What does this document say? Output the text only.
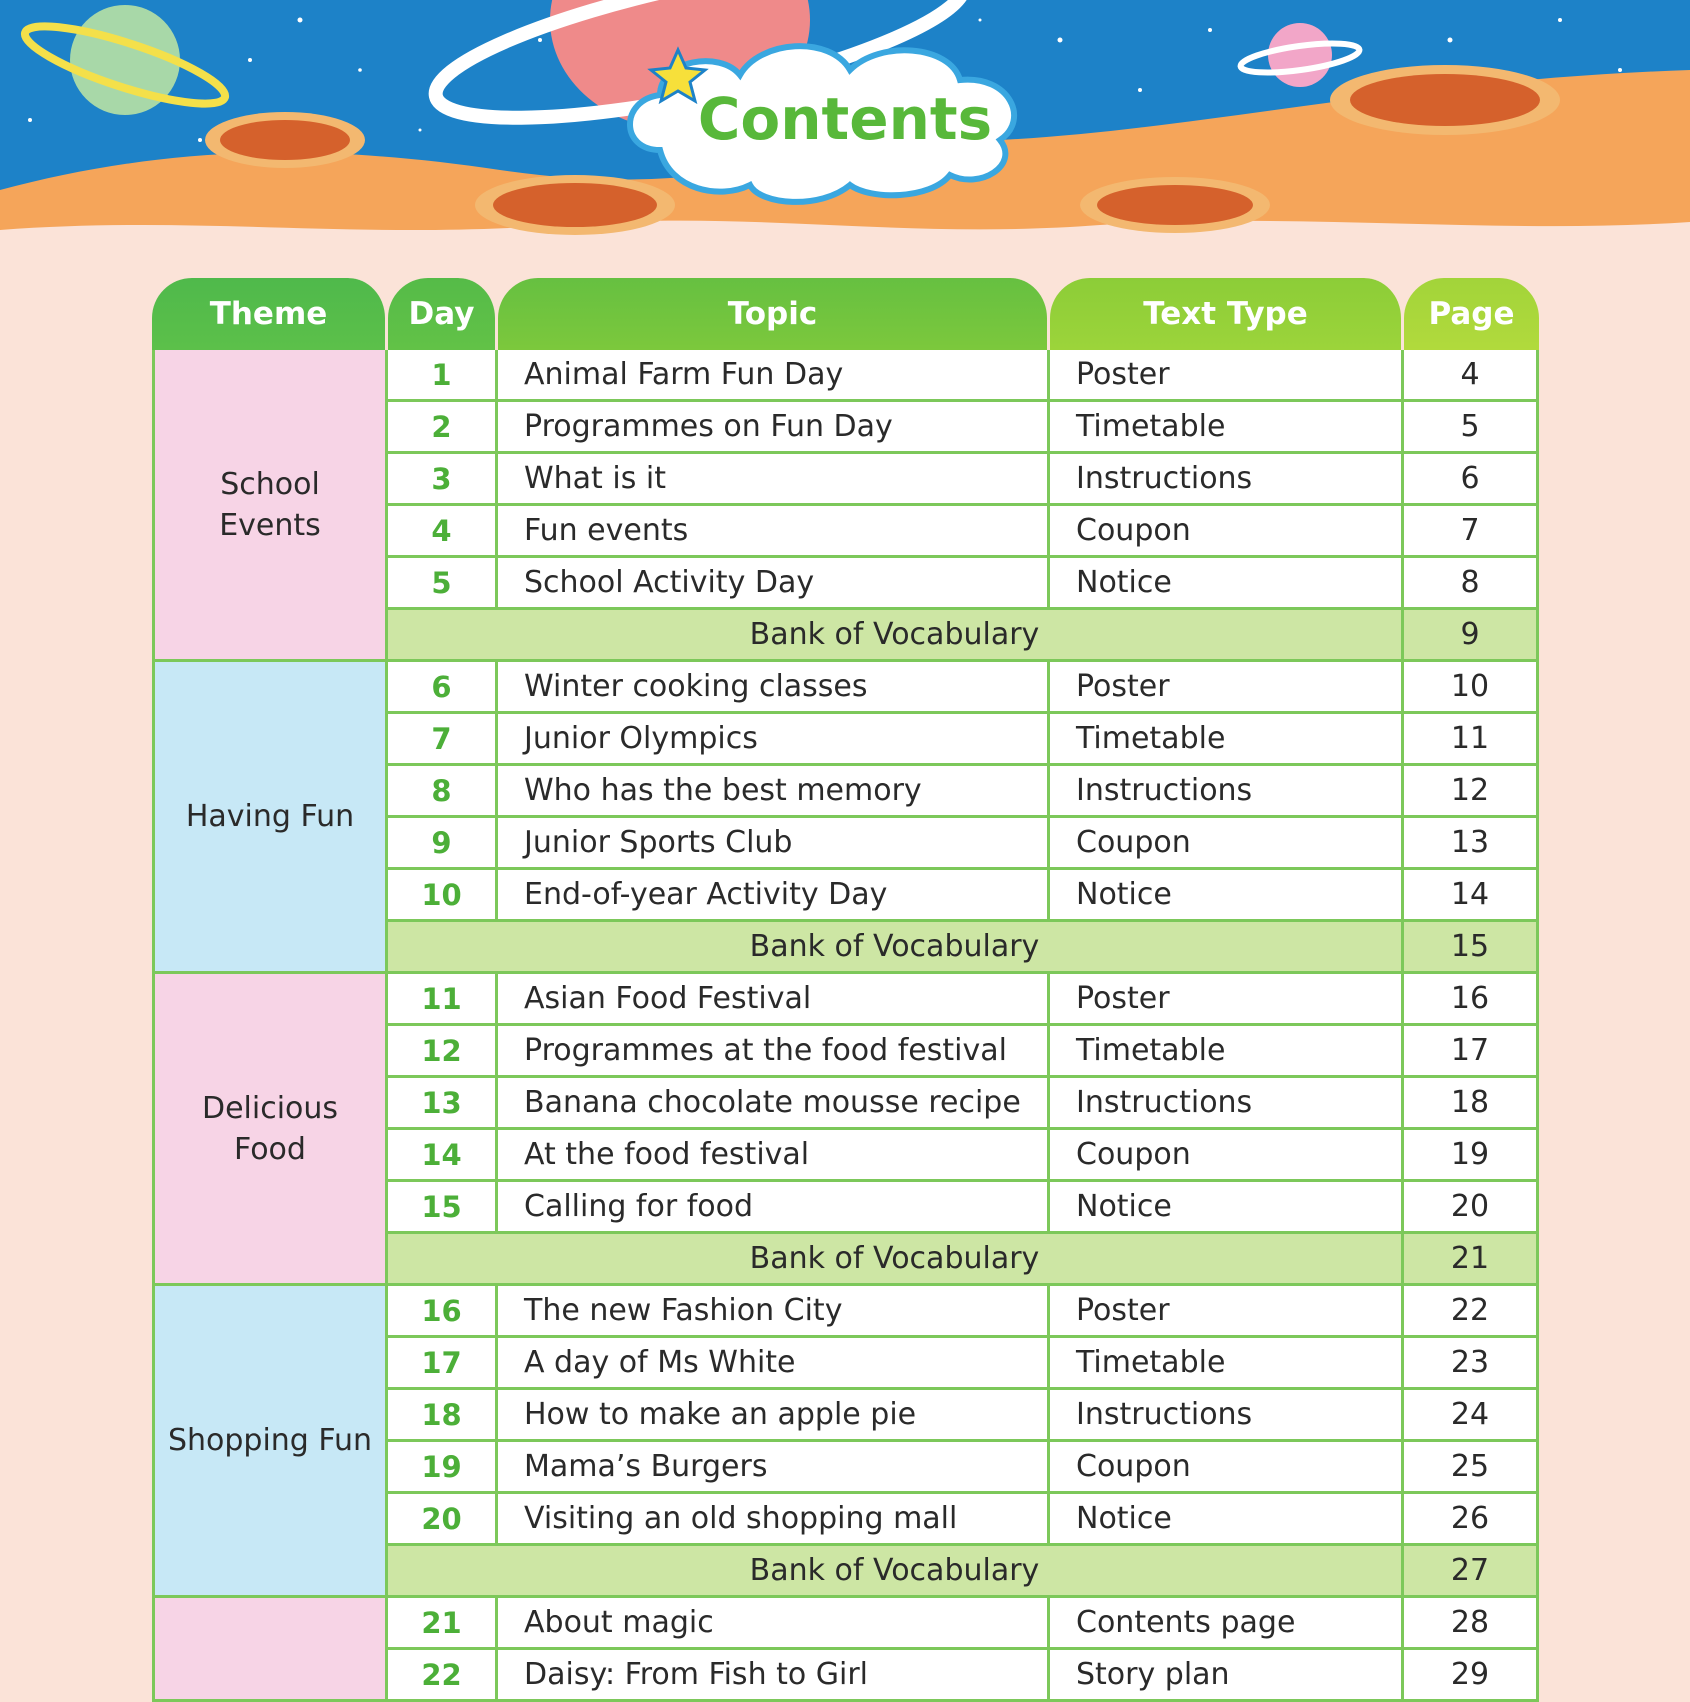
Contents
Theme	Day	Topic	Text Type	Page
School Events	1	Animal Farm Fun Day	Poster	4
	2	Programmes on Fun Day	Timetable	5
	3	What is it	Instructions	6
	4	Fun events	Coupon	7
	5	School Activity Day	Notice	8
	Bank of Vocabulary			9
Having Fun	6	Winter cooking classes	Poster	10
	7	Junior Olympics	Timetable	11
	8	Who has the best memory	Instructions	12
	9	Junior Sports Club	Coupon	13
	10	End-of-year Activity Day	Notice	14
	Bank of Vocabulary			15
Delicious Food	11	Asian Food Festival	Poster	16
	12	Programmes at the food festival	Timetable	17
	13	Banana chocolate mousse recipe	Instructions	18
	14	At the food festival	Coupon	19
	15	Calling for food	Notice	20
	Bank of Vocabulary			21
Shopping Fun	16	The new Fashion City	Poster	22
	17	A day of Ms White	Timetable	23
	18	How to make an apple pie	Instructions	24
	19	Mama’s Burgers	Coupon	25
	20	Visiting an old shopping mall	Notice	26
	Bank of Vocabulary			27
	21	About magic	Contents page	28
	22	Daisy: From Fish to Girl	Story plan	29
